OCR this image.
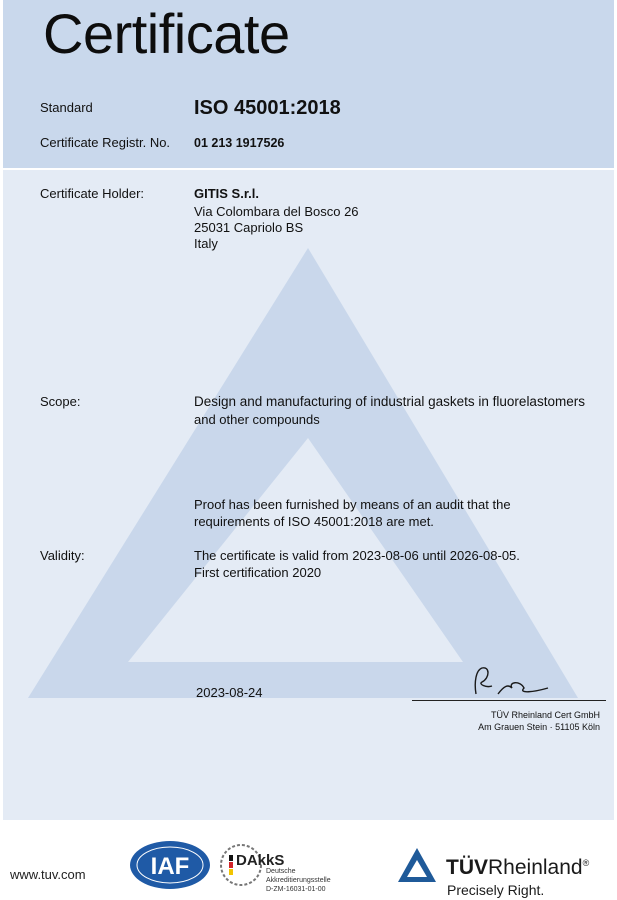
Certificate
Standard	ISO 45001:2018
Certificate Registr. No. 01 213 1917526
Certificate Holder:	GITIS S.r.l.
Via Colombara del Bosco 26
25031 Capriolo BS
Italy
Scope:	Design and manufacturing of industrial gaskets in fluorelastomers
and other compounds
Proof has been furnished by means of an audit that the
requirements of ISO 45001:2018 are met.
Validity:	The certificate is valid from 2023-08-06 until 2026-08-05.
First certification 2020
2023-08-24
TÜV Rheinland Cert GmbH
Am Grauen Stein · 51105 Köln
www.tuv.com	IAF	DAkkS
Deutsche
Akkreditierungsstelle
D-ZM-16031-01-00
TÜVRheinland®
Precisely Right.
